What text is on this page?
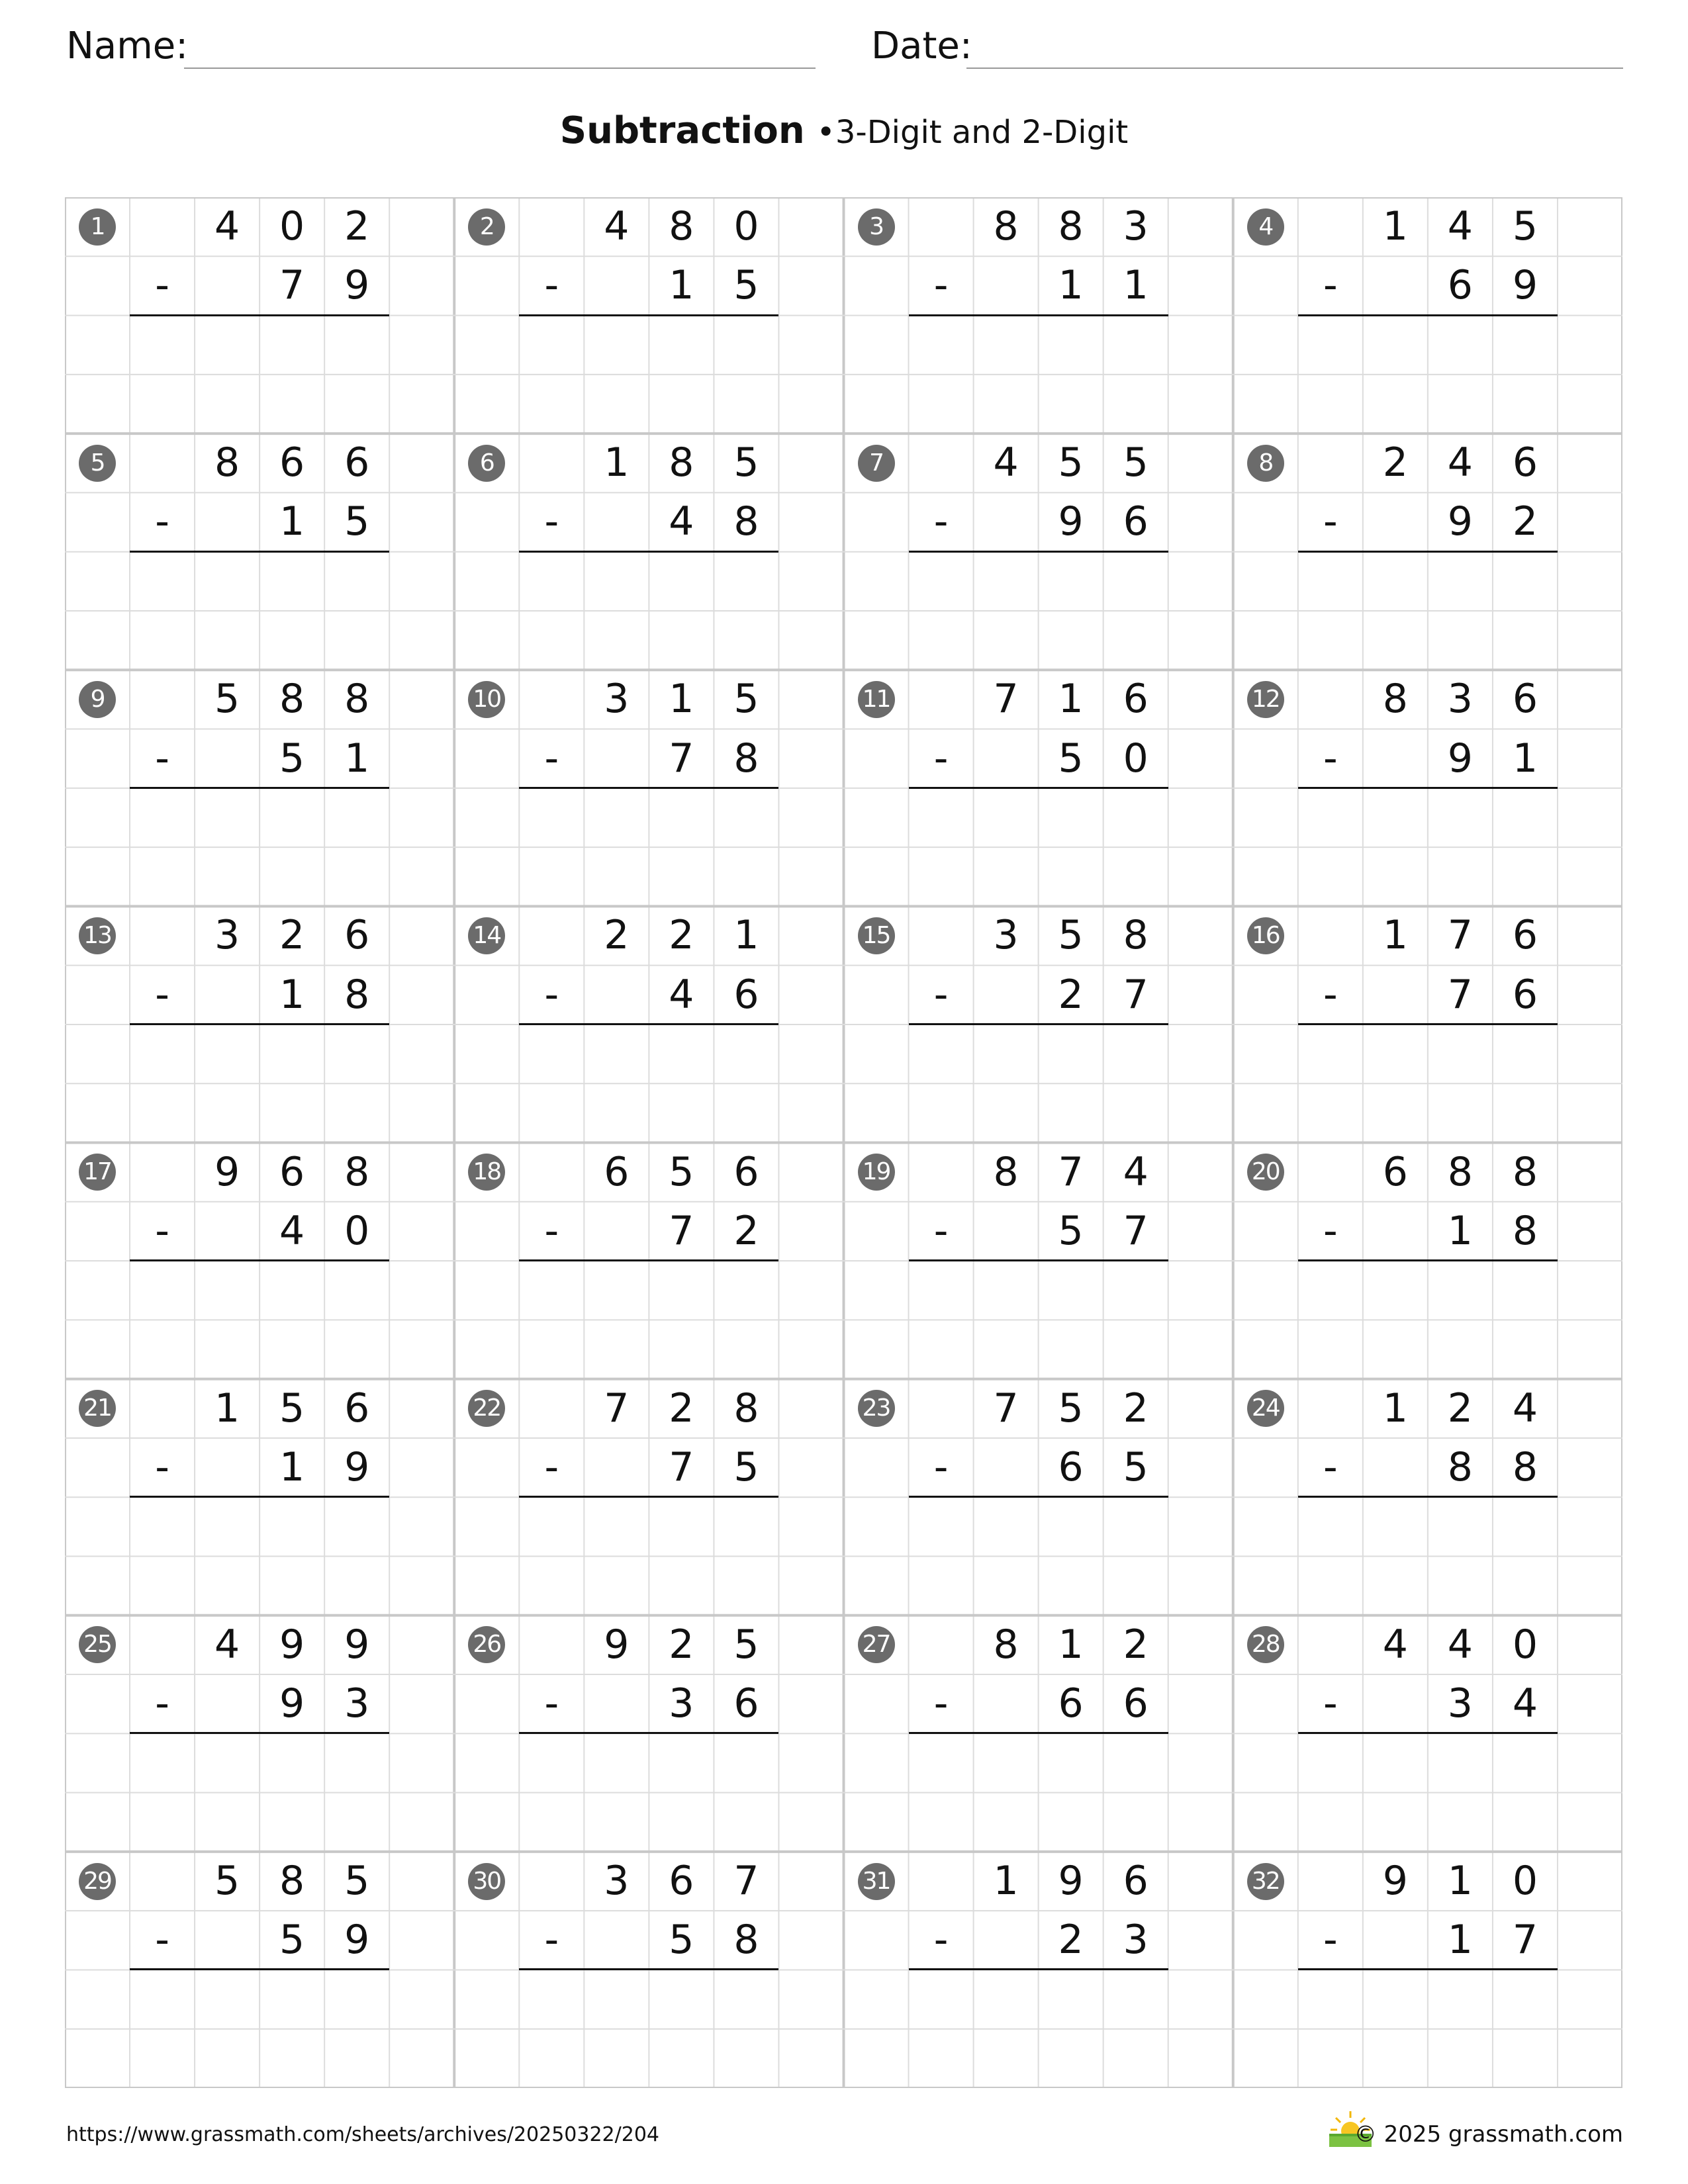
Name:	Date:
Subtraction •3-Digit and 2-Digit
1	4 0 2
-	7 9
2	4 8 0
-	1 5
3	8 8 3
-	1 1
4	1 4 5
-	6 9
5	8 6 6
-	1 5
6	1 8 5
-	4 8
7	4 5 5
-	9 6
8	2 4 6
-	9 2
9	5 8 8
-	5 1
10	3 1 5
-	7 8
11	7 1 6
-	5 0
12	8 3 6
-	9 1
13	3 2 6
-	1 8
14	2 2 1
-	4 6
15	3 5 8
-	2 7
16	1 7 6
-	7 6
17	9 6 8
-	4 0
18	6 5 6
-	7 2
19	8 7 4
-	5 7
20	6 8 8
-	1 8
21	1 5 6
-	1 9
22	7 2 8
-	7 5
23	7 5 2
-	6 5
24	1 2 4
-	8 8
25	4 9 9
-	9 3
26	9 2 5
-	3 6
27	8 1 2
-	6 6
28	4 4 0
-	3 4
29	5 8 5
-	5 9
30	3 6 7
-	5 8
31	1 9 6
-	2 3
32	9 1 0
-	1 7
https://www.grassmath.com/sheets/archives/20250322/204	© 2025 grassmath.com
